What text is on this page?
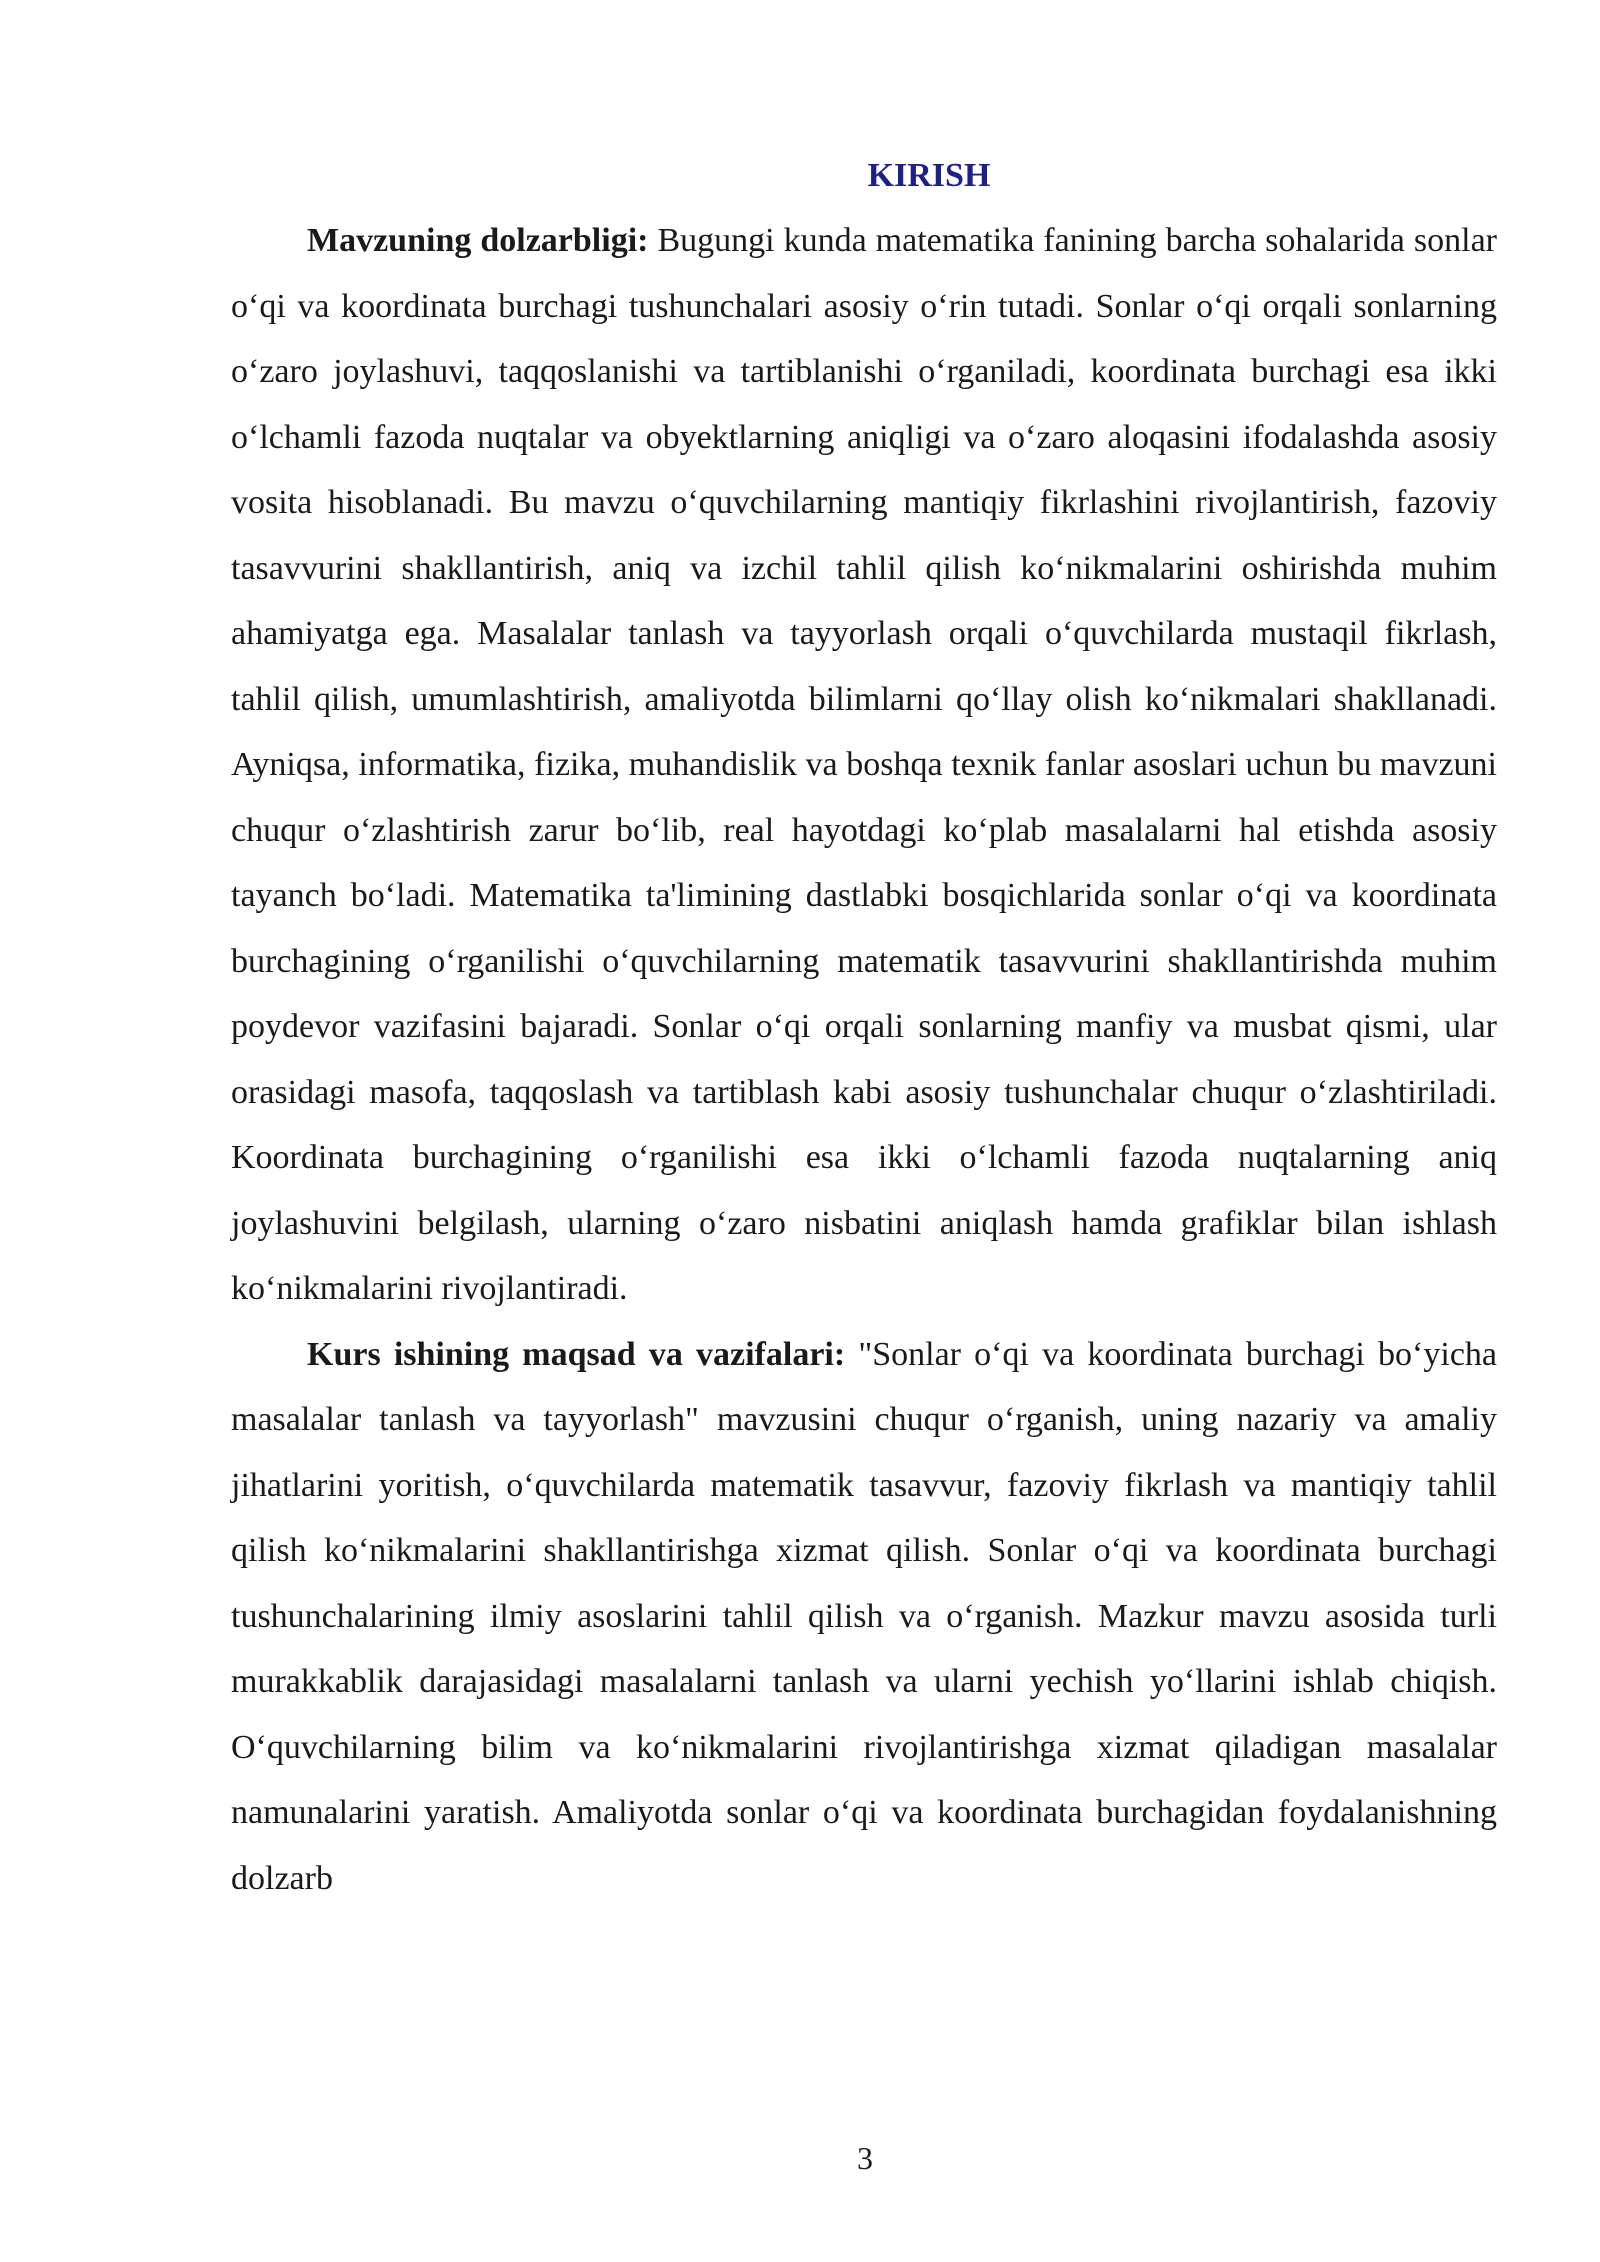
KIRISH

Mavzuning dolzarbligi: Bugungi kunda matematika fanining barcha sohalarida sonlar o‘qi va koordinata burchagi tushunchalari asosiy o‘rin tutadi. Sonlar o‘qi orqali sonlarning o‘zaro joylashuvi, taqqoslanishi va tartiblanishi o‘rganiladi, koordinata burchagi esa ikki o‘lchamli fazoda nuqtalar va obyektlarning aniqligi va o‘zaro aloqasini ifodalashda asosiy vosita hisoblanadi. Bu mavzu o‘quvchilarning mantiqiy fikrlashini rivojlantirish, fazoviy tasavvurini shakllantirish, aniq va izchil tahlil qilish ko‘nikmalarini oshirishda muhim ahamiyatga ega. Masalalar tanlash va tayyorlash orqali o‘quvchilarda mustaqil fikrlash, tahlil qilish, umumlashtirish, amaliyotda bilimlarni qo‘llay olish ko‘nikmalari shakllanadi. Ayniqsa, informatika, fizika, muhandislik va boshqa texnik fanlar asoslari uchun bu mavzuni chuqur o‘zlashtirish zarur bo‘lib, real hayotdagi ko‘plab masalalarni hal etishda asosiy tayanch bo‘ladi. Matematika ta'limining dastlabki bosqichlarida sonlar o‘qi va koordinata burchagining o‘rganilishi o‘quvchilarning matematik tasavvurini shakllantirishda muhim poydevor vazifasini bajaradi. Sonlar o‘qi orqali sonlarning manfiy va musbat qismi, ular orasidagi masofa, taqqoslash va tartiblash kabi asosiy tushunchalar chuqur o‘zlashtiriladi. Koordinata burchagining o‘rganilishi esa ikki o‘lchamli fazoda nuqtalarning aniq joylashuvini belgilash, ularning o‘zaro nisbatini aniqlash hamda grafiklar bilan ishlash ko‘nikmalarini rivojlantiradi.

Kurs ishining maqsad va vazifalari: "Sonlar o‘qi va koordinata burchagi bo‘yicha masalalar tanlash va tayyorlash" mavzusini chuqur o‘rganish, uning nazariy va amaliy jihatlarini yoritish, o‘quvchilarda matematik tasavvur, fazoviy fikrlash va mantiqiy tahlil qilish ko‘nikmalarini shakllantirishga xizmat qilish. Sonlar o‘qi va koordinata burchagi tushunchalarining ilmiy asoslarini tahlil qilish va o‘rganish. Mazkur mavzu asosida turli murakkablik darajasidagi masalalarni tanlash va ularni yechish yo‘llarini ishlab chiqish. O‘quvchilarning bilim va ko‘nikmalarini rivojlantirishga xizmat qiladigan masalalar namunalarini yaratish. Amaliyotda sonlar o‘qi va koordinata burchagidan foydalanishning dolzarb

3
